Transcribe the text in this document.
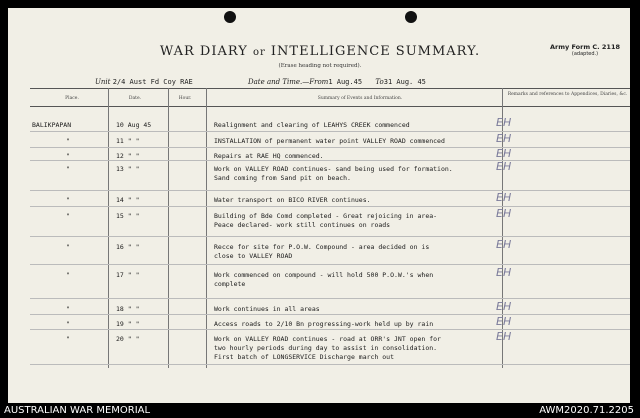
WAR DIARY or INTELLIGENCE SUMMARY.
(Erase heading not required).
Army Form C. 2118
(adapted.)
Unit 2/4 Aust Fd Coy RAE	Date and Time.—From1 Aug.45 To31 Aug. 45
Place.	Date.	Hour.	Summary of Events and Information.
Remarks and references to Appendices, Diaries, &c.
AUSTRALIAN WAR MEMORIAL	AWM2020.71.2205
BALIKPAPAN	10 Aug 45	Realignment and clearing of LEAHYS CREEK commenced	EH
"	11 " "	INSTALLATION of permanent water point VALLEY ROAD commenced	EH
"	12 " "	Repairs at RAE HQ commenced.	EH
"	13 " "	Work on VALLEY ROAD continues- sand being used for formation.
Sand coming from Sand pit on beach.
EH
"	14 " "	Water transport on BICO RIVER continues.	EH
"	15 " "	Building of Bde Comd completed - Great rejoicing in area-
Peace declared- work still continues on roads
EH
"	16 " "	Recce for site for P.O.W. Compound - area decided on is
close to VALLEY ROAD
EH
"	17 " "	Work commenced on compound - will hold 500 P.O.W.'s when
complete
EH
"	18 " "	Work continues in all areas	EH
"	19 " "	Access roads to 2/10 Bn progressing-work held up by rain	EH
"	20 " "	Work on VALLEY ROAD continues - road at ORR's JNT open for
two hourly periods during day to assist in consolidation.
First batch of LONGSERVICE Discharge march out
EH
